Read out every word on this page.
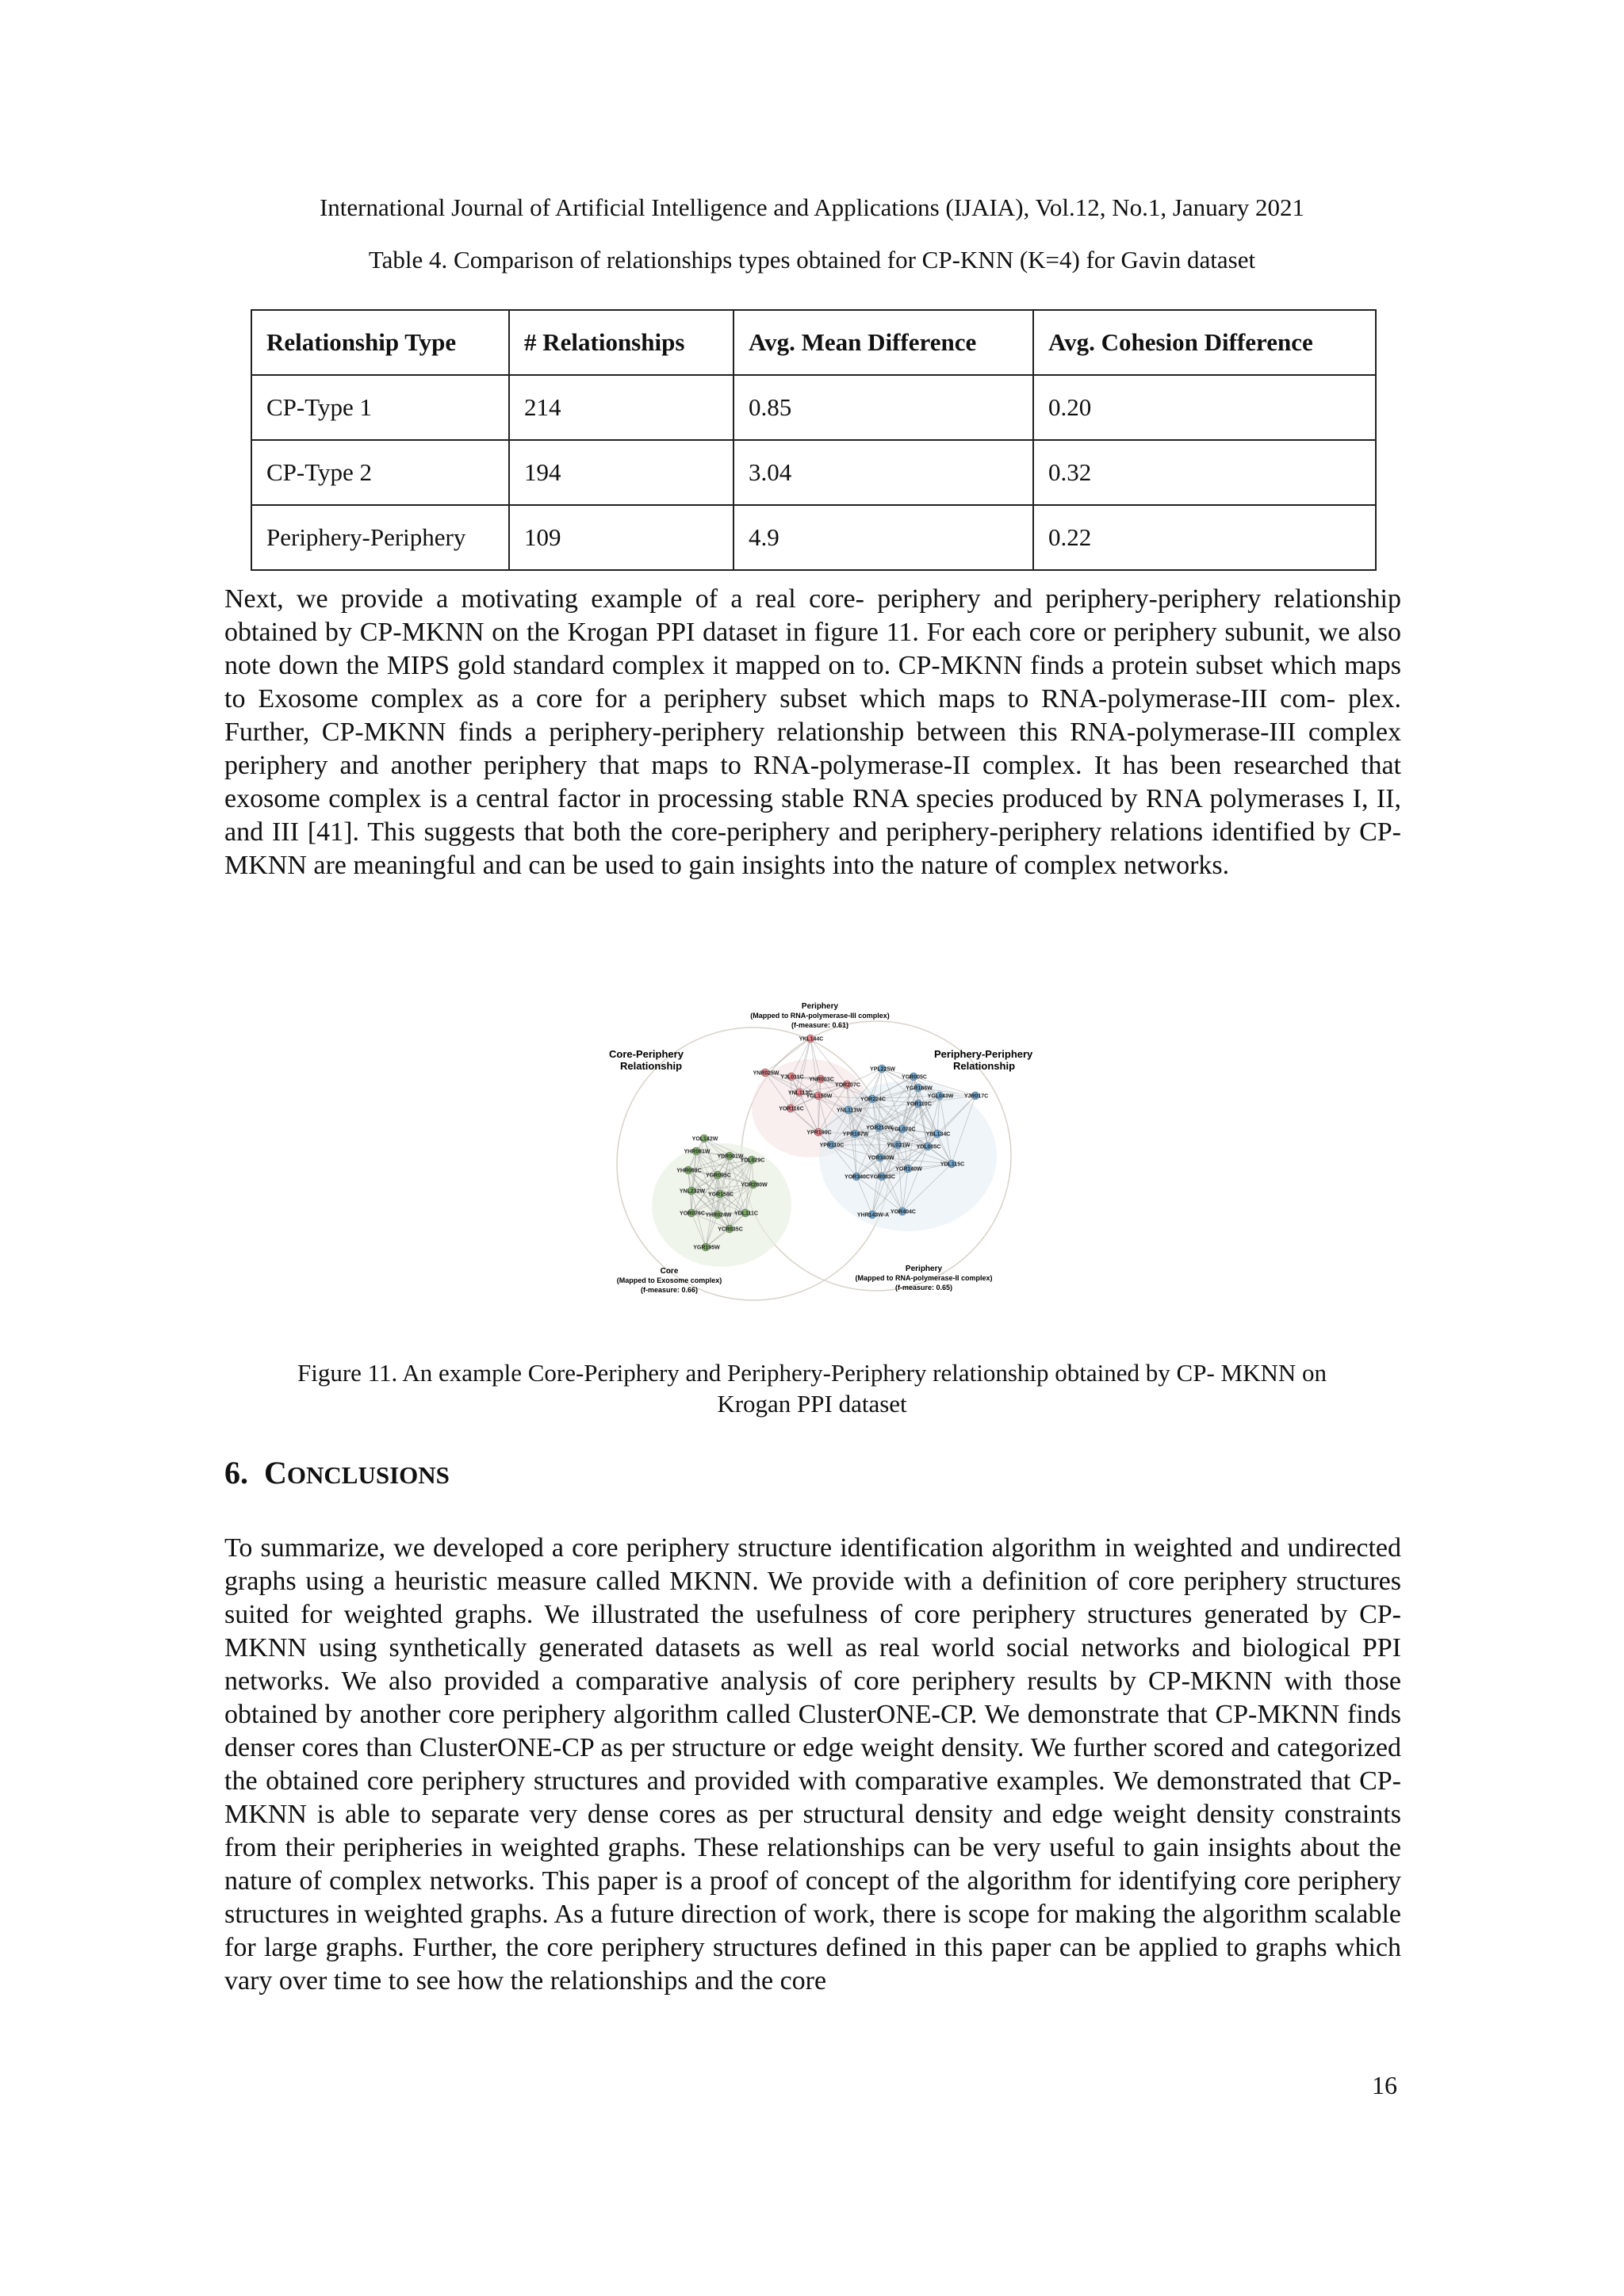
International Journal of Artificial Intelligence and Applications (IJAIA), Vol.12, No.1, January 2021
Table 4. Comparison of relationships types obtained for CP-KNN (K=4) for Gavin dataset
Relationship Type	# Relationships	Avg. Mean Difference	Avg. Cohesion Difference
CP-Type 1	214	0.85	0.20
CP-Type 2	194	3.04	0.32
Periphery-Periphery	109	4.9	0.22

Next, we provide a motivating example of a real core- periphery and periphery-periphery relationship obtained by CP-MKNN on the Krogan PPI dataset in figure 11. For each core or periphery subunit, we also note down the MIPS gold standard complex it mapped on to. CP-MKNN finds a protein subset which maps to Exosome complex as a core for a periphery subset which maps to RNA-polymerase-III com- plex. Further, CP-MKNN finds a periphery-periphery relationship between this RNA-polymerase-III complex periphery and another periphery that maps to RNA-polymerase-II complex. It has been researched that exosome complex is a central factor in processing stable RNA species produced by RNA polymerases I, II, and III [41]. This suggests that both the core-periphery and periphery-periphery relations identified by CP-MKNN are meaningful and can be used to gain insights into the nature of complex networks.

YKL144C
YNR025W
YJL011C YNR003C
YOR207C
YNL113C
YGL150W
YOR116C
YPR190C
YOL142W
YHR081W
YDR001W
YDL029C
YHR069C
YGR095C
YOR280W
YNL232W
YGR158C
YOR076C YHR024W YDL111C
YCR035C
YGR195W
YPL225W
YGR005C
YGR186W
YGL043W YJR017C
YOR224C
YOR110C
YNL113W
YOR210W
YGL070C
YPR187W	YBL134C
YPR110C	YIL021W YDL005C
YOR340W
YDL115C
YOR140W
YOR340C YGR063C
YHR143W-A
YOR404C
Periphery
(Mapped to RNA-polymerase-III complex)
(f-measure: 0.61)
Core-Periphery
Relationship
Periphery-Periphery
Relationship
Core
(Mapped to Exosome complex)
(f-measure: 0.66)
Periphery
(Mapped to RNA-polymerase-II complex)
(f-measure: 0.65)
Figure 11. An example Core-Periphery and Periphery-Periphery relationship obtained by CP- MKNN on
Krogan PPI dataset
6. CONCLUSIONS

To summarize, we developed a core periphery structure identification algorithm in weighted and undirected graphs using a heuristic measure called MKNN. We provide with a definition of core periphery structures suited for weighted graphs. We illustrated the usefulness of core periphery structures generated by CP-MKNN using synthetically generated datasets as well as real world social networks and biological PPI networks. We also provided a comparative analysis of core periphery results by CP-MKNN with those obtained by another core periphery algorithm called ClusterONE-CP. We demonstrate that CP-MKNN finds denser cores than ClusterONE-CP as per structure or edge weight density. We further scored and categorized the obtained core periphery structures and provided with comparative examples. We demonstrated that CP-MKNN is able to separate very dense cores as per structural density and edge weight density constraints from their peripheries in weighted graphs. These relationships can be very useful to gain insights about the nature of complex networks. This paper is a proof of concept of the algorithm for identifying core periphery structures in weighted graphs. As a future direction of work, there is scope for making the algorithm scalable for large graphs. Further, the core periphery structures defined in this paper can be applied to graphs which vary over time to see how the relationships and the core

16
